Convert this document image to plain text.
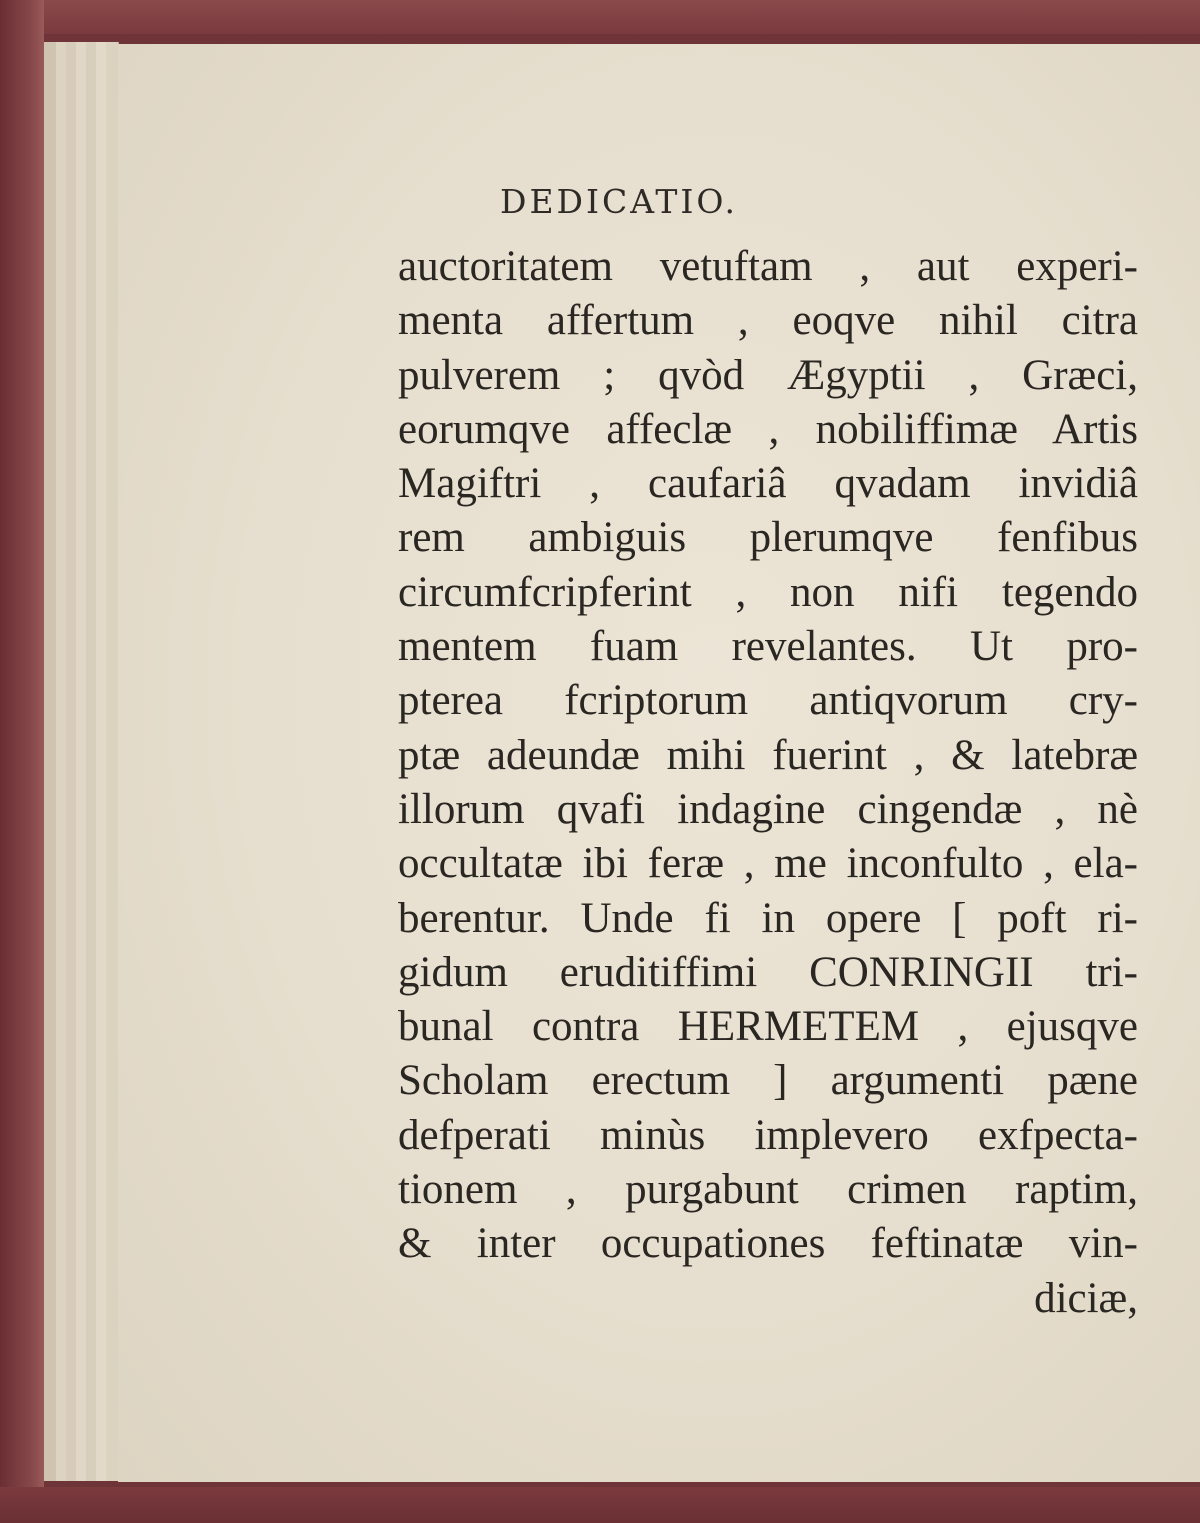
DEDICATIO.
auctoritatem vetuftam , aut experi-
menta affertum , eoqve nihil citra
pulverem ; qvòd Ægyptii , Græci,
eorumqve affeclæ , nobiliffimæ Artis
Magiftri , caufariâ qvadam invidiâ
rem ambiguis plerumqve fenfibus
circumfcripferint , non nifi tegendo
mentem fuam revelantes. Ut pro-
pterea fcriptorum antiqvorum cry-
ptæ adeundæ mihi fuerint , & latebræ
illorum qvafi indagine cingendæ , nè
occultatæ ibi feræ , me inconfulto , ela-
berentur. Unde fi in opere [ poft ri-
gidum eruditiffimi CONRINGII tri-
bunal contra HERMETEM , ejusqve
Scholam erectum ] argumenti pæne
defperati minùs implevero exfpecta-
tionem , purgabunt crimen raptim,
& inter occupationes feftinatæ vin-
diciæ,
